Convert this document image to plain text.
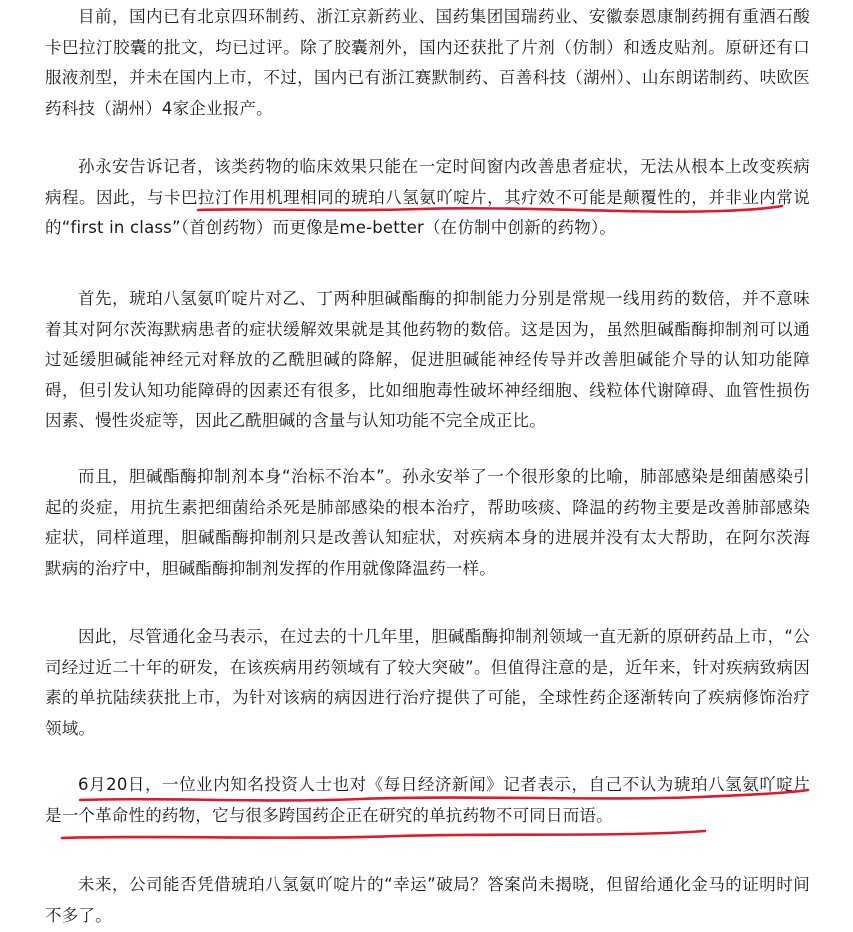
目前，国内已有北京四环制药、浙江京新药业、国药集团国瑞药业、安徽泰恩康制药拥有重酒石酸卡巴拉汀胶囊的批文，均已过评。除了胶囊剂外，国内还获批了片剂（仿制）和透皮贴剂。原研还有口服液剂型，并未在国内上市，不过，国内已有浙江赛默制药、百善科技（湖州）、山东朗诺制药、呋欧医药科技（湖州）4家企业报产。

孙永安告诉记者，该类药物的临床效果只能在一定时间窗内改善患者症状，无法从根本上改变疾病病程。因此，与卡巴拉汀作用机理相同的琥珀八氢氨吖啶片，其疗效不可能是颠覆性的，并非业内常说的“first in class”（首创药物）而更像是me-better（在仿制中创新的药物）。

首先，琥珀八氢氨吖啶片对乙、丁两种胆碱酯酶的抑制能力分别是常规一线用药的数倍，并不意味着其对阿尔茨海默病患者的症状缓解效果就是其他药物的数倍。这是因为，虽然胆碱酯酶抑制剂可以通过延缓胆碱能神经元对释放的乙酰胆碱的降解，促进胆碱能神经传导并改善胆碱能介导的认知功能障碍，但引发认知功能障碍的因素还有很多，比如细胞毒性破坏神经细胞、线粒体代谢障碍、血管性损伤因素、慢性炎症等，因此乙酰胆碱的含量与认知功能不完全成正比。

而且，胆碱酯酶抑制剂本身“治标不治本”。孙永安举了一个很形象的比喻，肺部感染是细菌感染引起的炎症，用抗生素把细菌给杀死是肺部感染的根本治疗，帮助咳痰、降温的药物主要是改善肺部感染症状，同样道理，胆碱酯酶抑制剂只是改善认知症状，对疾病本身的进展并没有太大帮助，在阿尔茨海默病的治疗中，胆碱酯酶抑制剂发挥的作用就像降温药一样。

因此，尽管通化金马表示，在过去的十几年里，胆碱酯酶抑制剂领域一直无新的原研药品上市，“公司经过近二十年的研发，在该疾病用药领域有了较大突破”。但值得注意的是，近年来，针对疾病致病因素的单抗陆续获批上市，为针对该病的病因进行治疗提供了可能，全球性药企逐渐转向了疾病修饰治疗领域。

6月20日，一位业内知名投资人士也对《每日经济新闻》记者表示，自己不认为琥珀八氢氨吖啶片是一个革命性的药物，它与很多跨国药企正在研究的单抗药物不可同日而语。

未来，公司能否凭借琥珀八氢氨吖啶片的“幸运”破局？答案尚未揭晓，但留给通化金马的证明时间不多了。
